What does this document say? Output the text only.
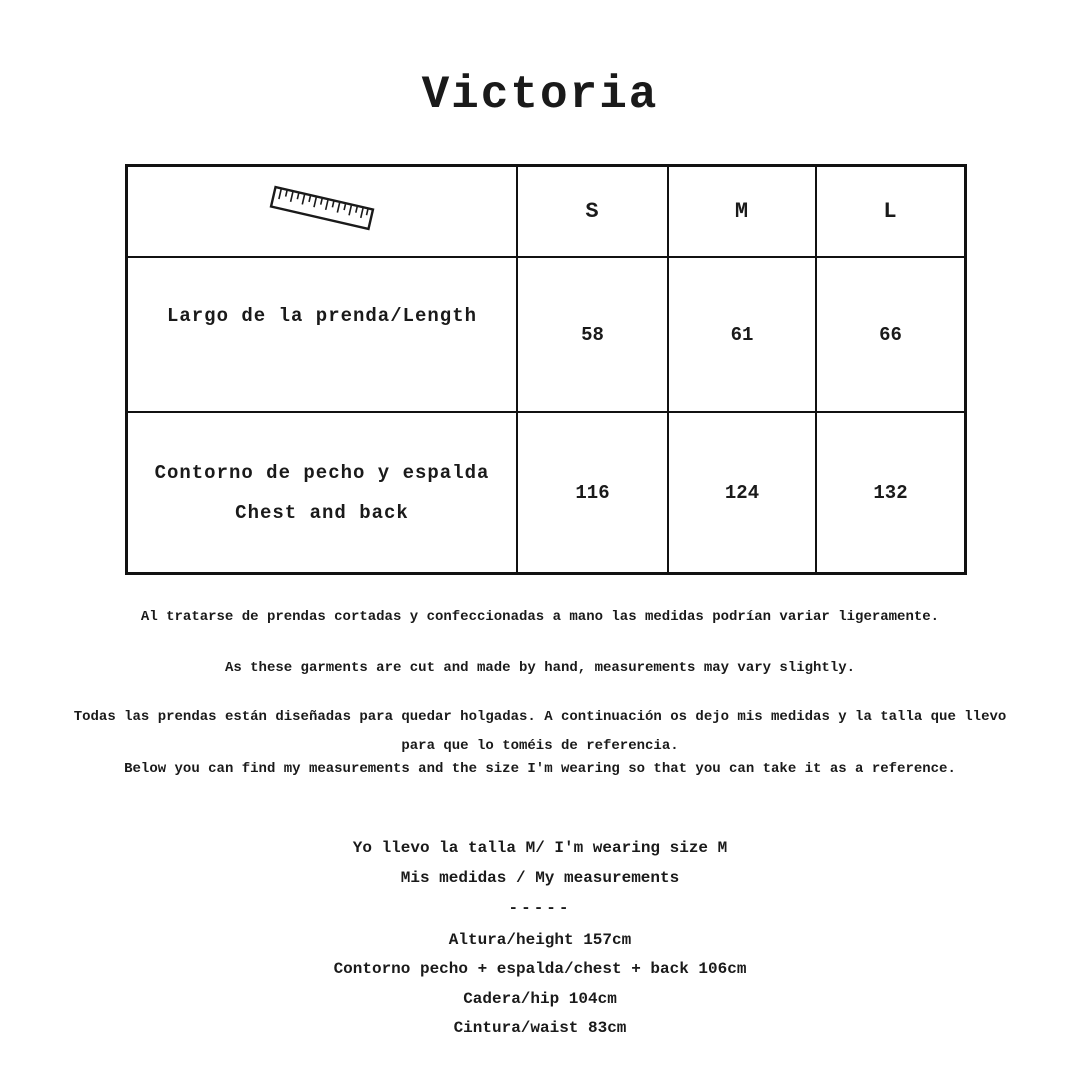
Victoria
	S	M	L
Largo de la prenda/Length	58	61	66

Contorno de pecho y espalda
Chest and back	116	124	132
Al tratarse de prendas cortadas y confeccionadas a mano las medidas podrían variar ligeramente.
As these garments are cut and made by hand, measurements may vary slightly.
Todas las prendas están diseñadas para quedar holgadas. A continuación os dejo mis medidas y la talla que llevo
para que lo toméis de referencia.
Below you can find my measurements and the size I'm wearing so that you can take it as a reference.
Yo llevo la talla M/ I'm wearing size M
Mis medidas / My measurements
-----
Altura/height 157cm
Contorno pecho + espalda/chest + back 106cm
Cadera/hip 104cm
Cintura/waist 83cm
